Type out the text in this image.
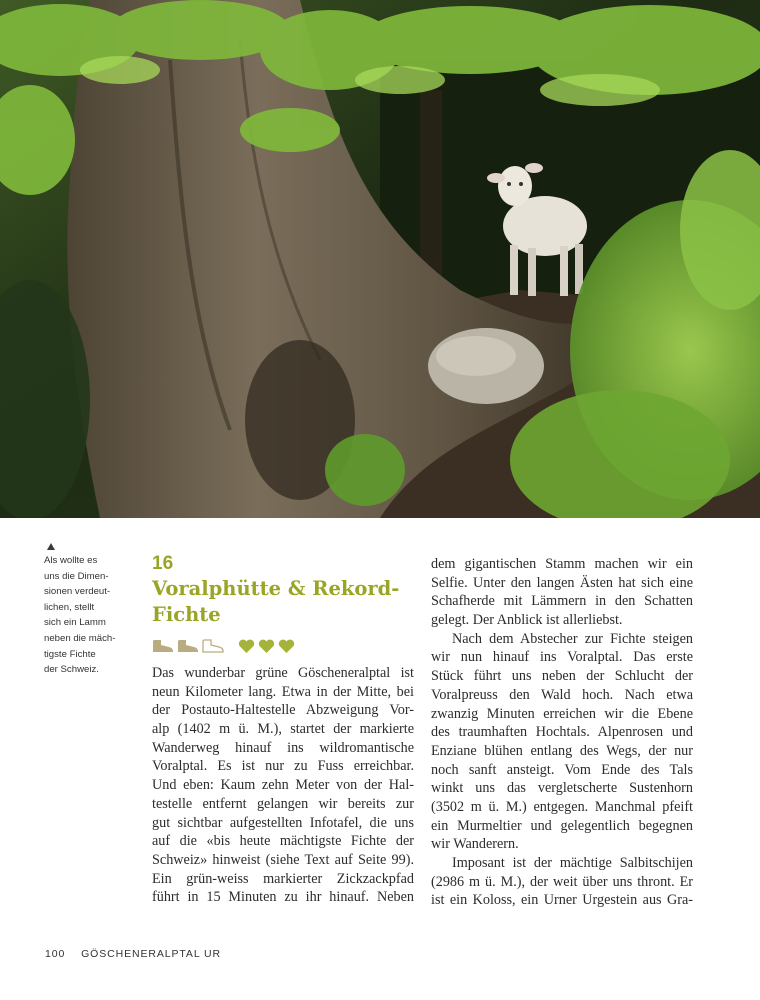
Als wollte es
uns die Dimen-
sionen verdeut-
lichen, stellt
sich ein Lamm
neben die mäch-
tigste Fichte
der Schweiz.
16
Voralphütte & Rekord-
Fichte
Das wunderbar grüne Göscheneralptal ist
neun Kilometer lang. Etwa in der Mitte, bei
der Postauto-Haltestelle Abzweigung Vor-
alp (1402 m ü. M.), startet der markierte
Wanderweg hinauf ins wildromantische
Voralptal. Es ist nur zu Fuss erreichbar.
Und eben: Kaum zehn Meter von der Hal-
testelle entfernt gelangen wir bereits zur
gut sichtbar aufgestellten Infotafel, die uns
auf die «bis heute mächtigste Fichte der
Schweiz» hinweist (siehe Text auf Seite 99).
Ein grün-weiss markierter Zickzackpfad
führt in 15 Minuten zu ihr hinauf. Neben
dem gigantischen Stamm machen wir ein
Selfie. Unter den langen Ästen hat sich eine
Schafherde mit Lämmern in den Schatten
gelegt. Der Anblick ist allerliebst.
Nach dem Abstecher zur Fichte steigen
wir nun hinauf ins Voralptal. Das erste
Stück führt uns neben der Schlucht der
Voralpreuss den Wald hoch. Nach etwa
zwanzig Minuten erreichen wir die Ebene
des traumhaften Hochtals. Alpenrosen und
Enziane blühen entlang des Wegs, der nur
noch sanft ansteigt. Vom Ende des Tals
winkt uns das vergletscherte Sustenhorn
(3502 m ü. M.) entgegen. Manchmal pfeift
ein Murmeltier und gelegentlich begegnen
wir Wanderern.
Imposant ist der mächtige Salbitschijen
(2986 m ü. M.), der weit über uns thront. Er
ist ein Koloss, ein Urner Urgestein aus Gra-
100 GÖSCHENERALPTAL UR
